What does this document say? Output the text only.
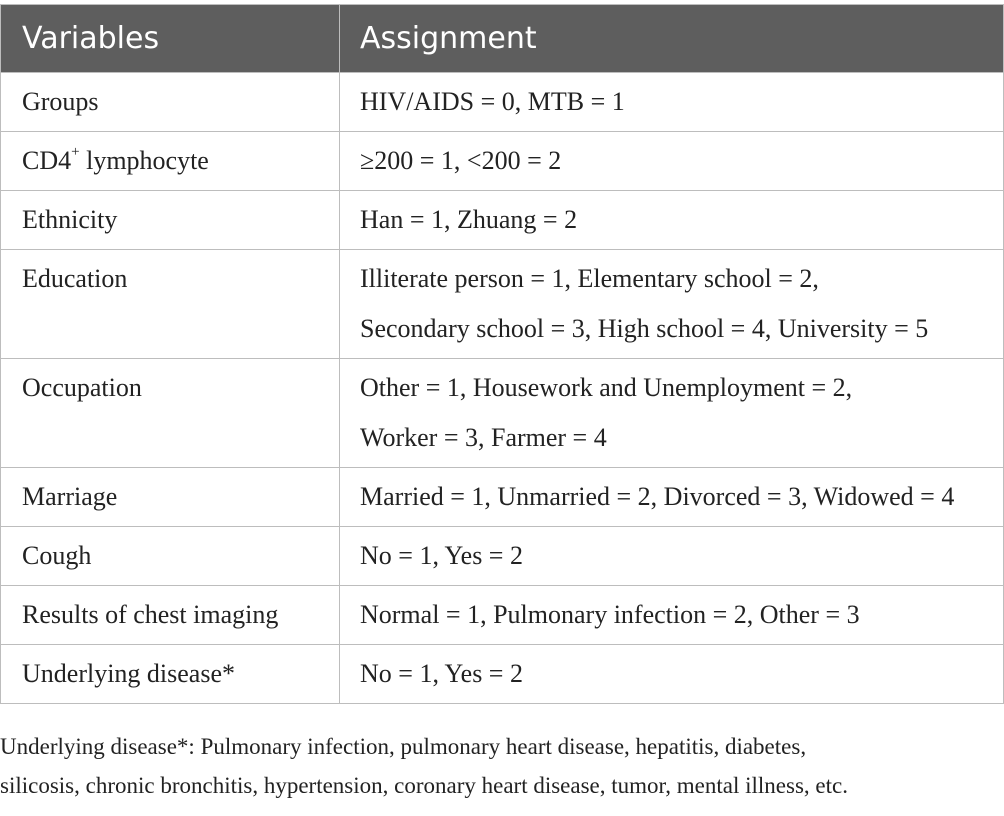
Variables	Assignment
Groups	HIV/AIDS = 0, MTB = 1
CD4+ lymphocyte	≥200 = 1, <200 = 2
Ethnicity	Han = 1, Zhuang = 2
Education	Illiterate person = 1, Elementary school = 2,
Secondary school = 3, High school = 4, University = 5

Occupation	Other = 1, Housework and Unemployment = 2,
Worker = 3, Farmer = 4

Marriage	Married = 1, Unmarried = 2, Divorced = 3, Widowed = 4
Cough	No = 1, Yes = 2
Results of chest imaging	Normal = 1, Pulmonary infection = 2, Other = 3
Underlying disease*	No = 1, Yes = 2
Underlying disease*: Pulmonary infection, pulmonary heart disease, hepatitis, diabetes,
silicosis, chronic bronchitis, hypertension, coronary heart disease, tumor, mental illness, etc.
